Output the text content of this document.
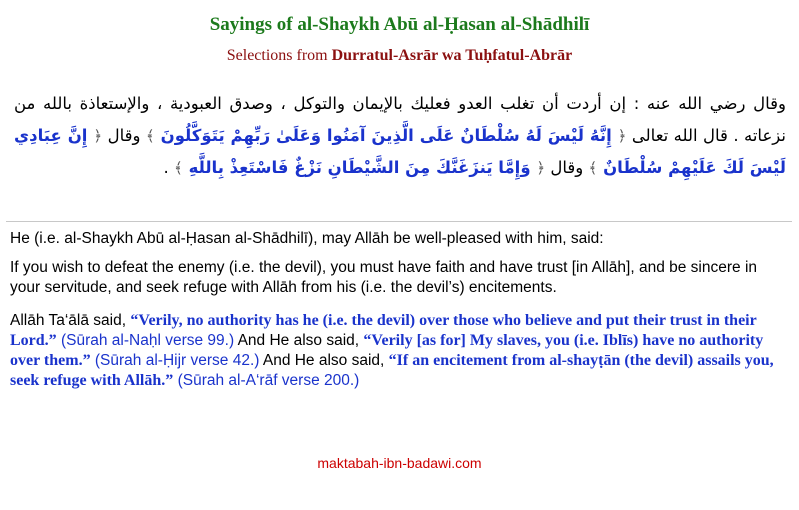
Sayings of al-Shaykh Abū al-Ḥasan al-Shādhilī
Selections from Durratul-Asrār wa Tuḥfatul-Abrār
وقال رضي الله عنه : إن أردت أن تغلب العدو فعليك بالإيمان والتوكل ، وصدق العبودية ، والإستعاذة بالله من نزعاته . قال الله تعالى ﴿ إِنَّهُ لَيْسَ لَهُ سُلْطَانٌ عَلَى الَّذِينَ آمَنُوا وَعَلَىٰ رَبِّهِمْ يَتَوَكَّلُونَ ﴾ وقال ﴿ إِنَّ عِبَادِي لَيْسَ لَكَ عَلَيْهِمْ سُلْطَانٌ ﴾ وقال ﴿ وَإِمَّا يَنزَغَنَّكَ مِنَ الشَّيْطَانِ نَزْغٌ فَاسْتَعِذْ بِاللَّهِ ﴾ .

He (i.e. al-Shaykh Abū al-Ḥasan al-Shādhilī), may Allāh be well-pleased with him, said:

If you wish to defeat the enemy (i.e. the devil), you must have faith and have trust [in Allāh], and be sincere in your servitude, and seek refuge with Allāh from his (i.e. the devil’s) encitements.

Allāh Ta‘ālā said, “Verily, no authority has he (i.e. the devil) over those who believe and put their trust in their Lord.” (Sūrah al-Naḥl verse 99.) And He also said, “Verily [as for] My slaves, you (i.e. Iblīs) have no authority over them.” (Sūrah al-Ḥijr verse 42.) And He also said, “If an encitement from al-shayṭān (the devil) assails you, seek refuge with Allāh.” (Sūrah al-A‘rāf verse 200.)

maktabah-ibn-badawi.com
